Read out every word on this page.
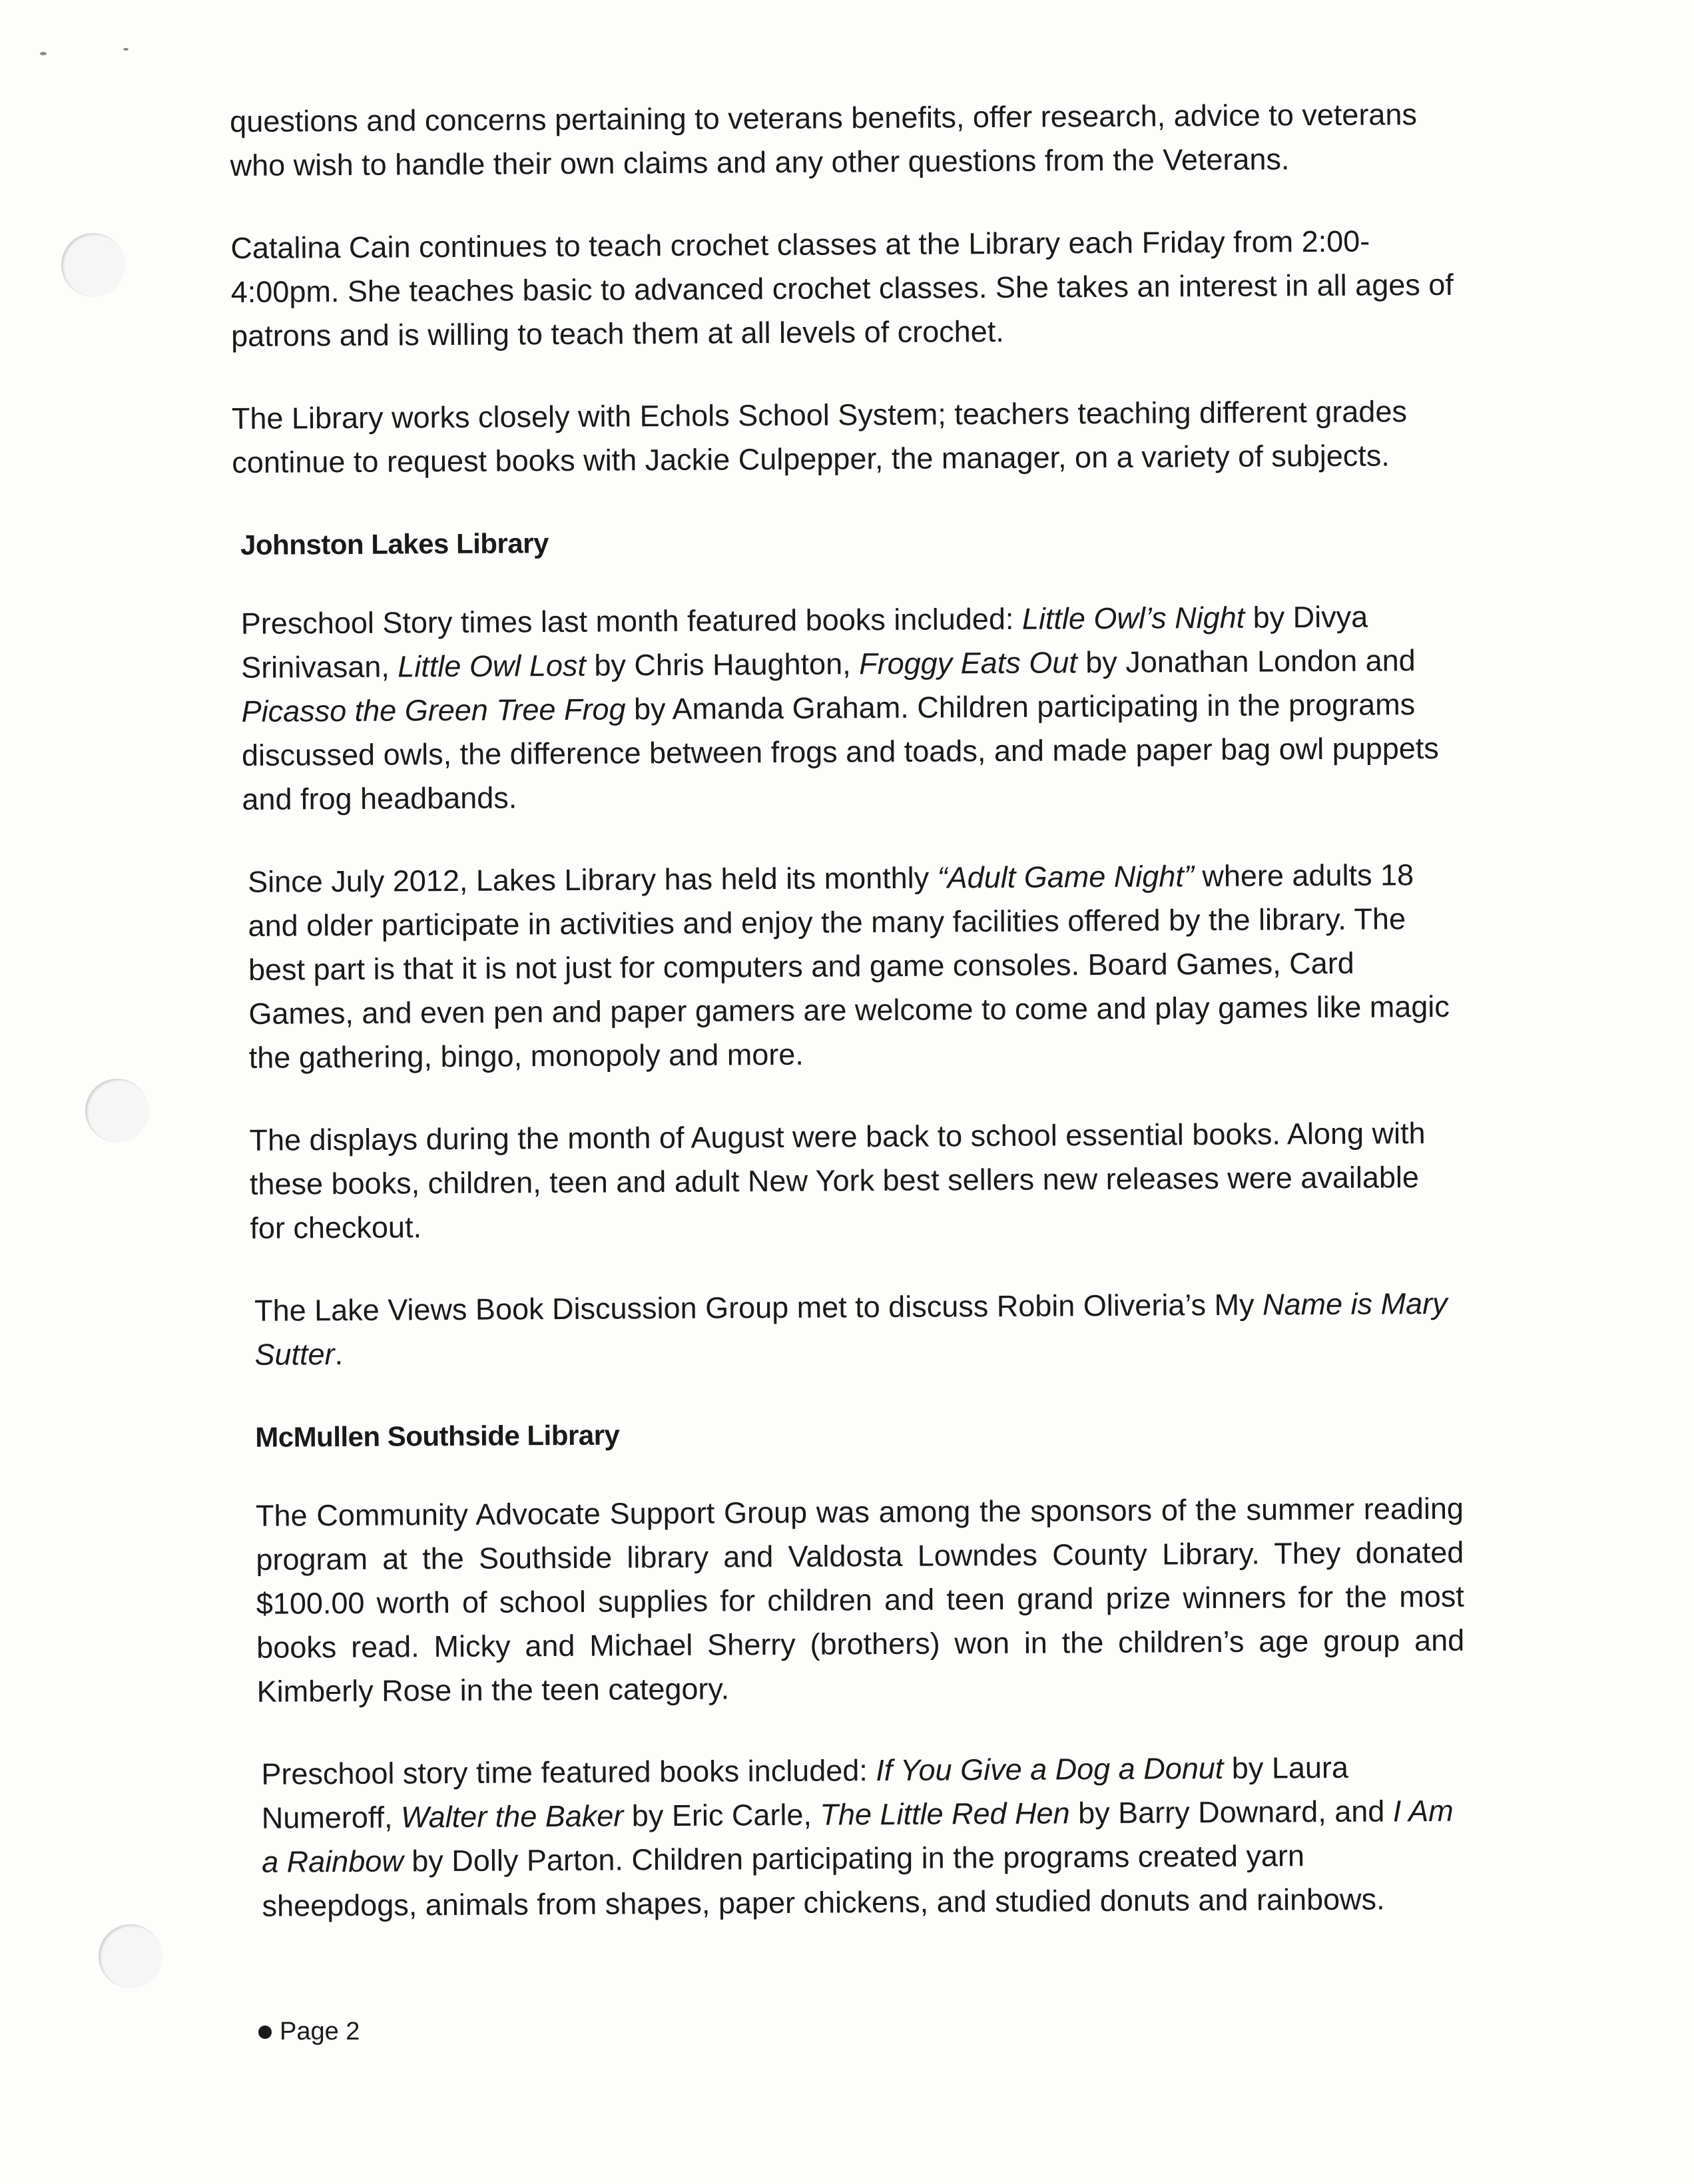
questions and concerns pertaining to veterans benefits, offer research, advice to veterans who wish to handle their own claims and any other questions from the Veterans.

Catalina Cain continues to teach crochet classes at the Library each Friday from 2:00-4:00pm. She teaches basic to advanced crochet classes. She takes an interest in all ages of patrons and is willing to teach them at all levels of crochet.

The Library works closely with Echols School System; teachers teaching different grades continue to request books with Jackie Culpepper, the manager, on a variety of subjects.

Johnston Lakes Library

Preschool Story times last month featured books included: Little Owl’s Night by Divya Srinivasan, Little Owl Lost by Chris Haughton, Froggy Eats Out by Jonathan London and Picasso the Green Tree Frog by Amanda Graham. Children participating in the programs discussed owls, the difference between frogs and toads, and made paper bag owl puppets and frog headbands.

Since July 2012, Lakes Library has held its monthly “Adult Game Night” where adults 18 and older participate in activities and enjoy the many facilities offered by the library. The best part is that it is not just for computers and game consoles. Board Games, Card Games, and even pen and paper gamers are welcome to come and play games like magic the gathering, bingo, monopoly and more.

The displays during the month of August were back to school essential books. Along with these books, children, teen and adult New York best sellers new releases were available for checkout.

The Lake Views Book Discussion Group met to discuss Robin Oliveria’s My Name is Mary Sutter.

McMullen Southside Library

The Community Advocate Support Group was among the sponsors of the summer reading program at the Southside library and Valdosta Lowndes County Library. They donated $100.00 worth of school supplies for children and teen grand prize winners for the most books read. Micky and Michael Sherry (brothers) won in the children’s age group and Kimberly Rose in the teen category.

Preschool story time featured books included: If You Give a Dog a Donut by Laura Numeroff, Walter the Baker by Eric Carle, The Little Red Hen by Barry Downard, and I Am a Rainbow by Dolly Parton. Children participating in the programs created yarn sheepdogs, animals from shapes, paper chickens, and studied donuts and rainbows.

Page 2
